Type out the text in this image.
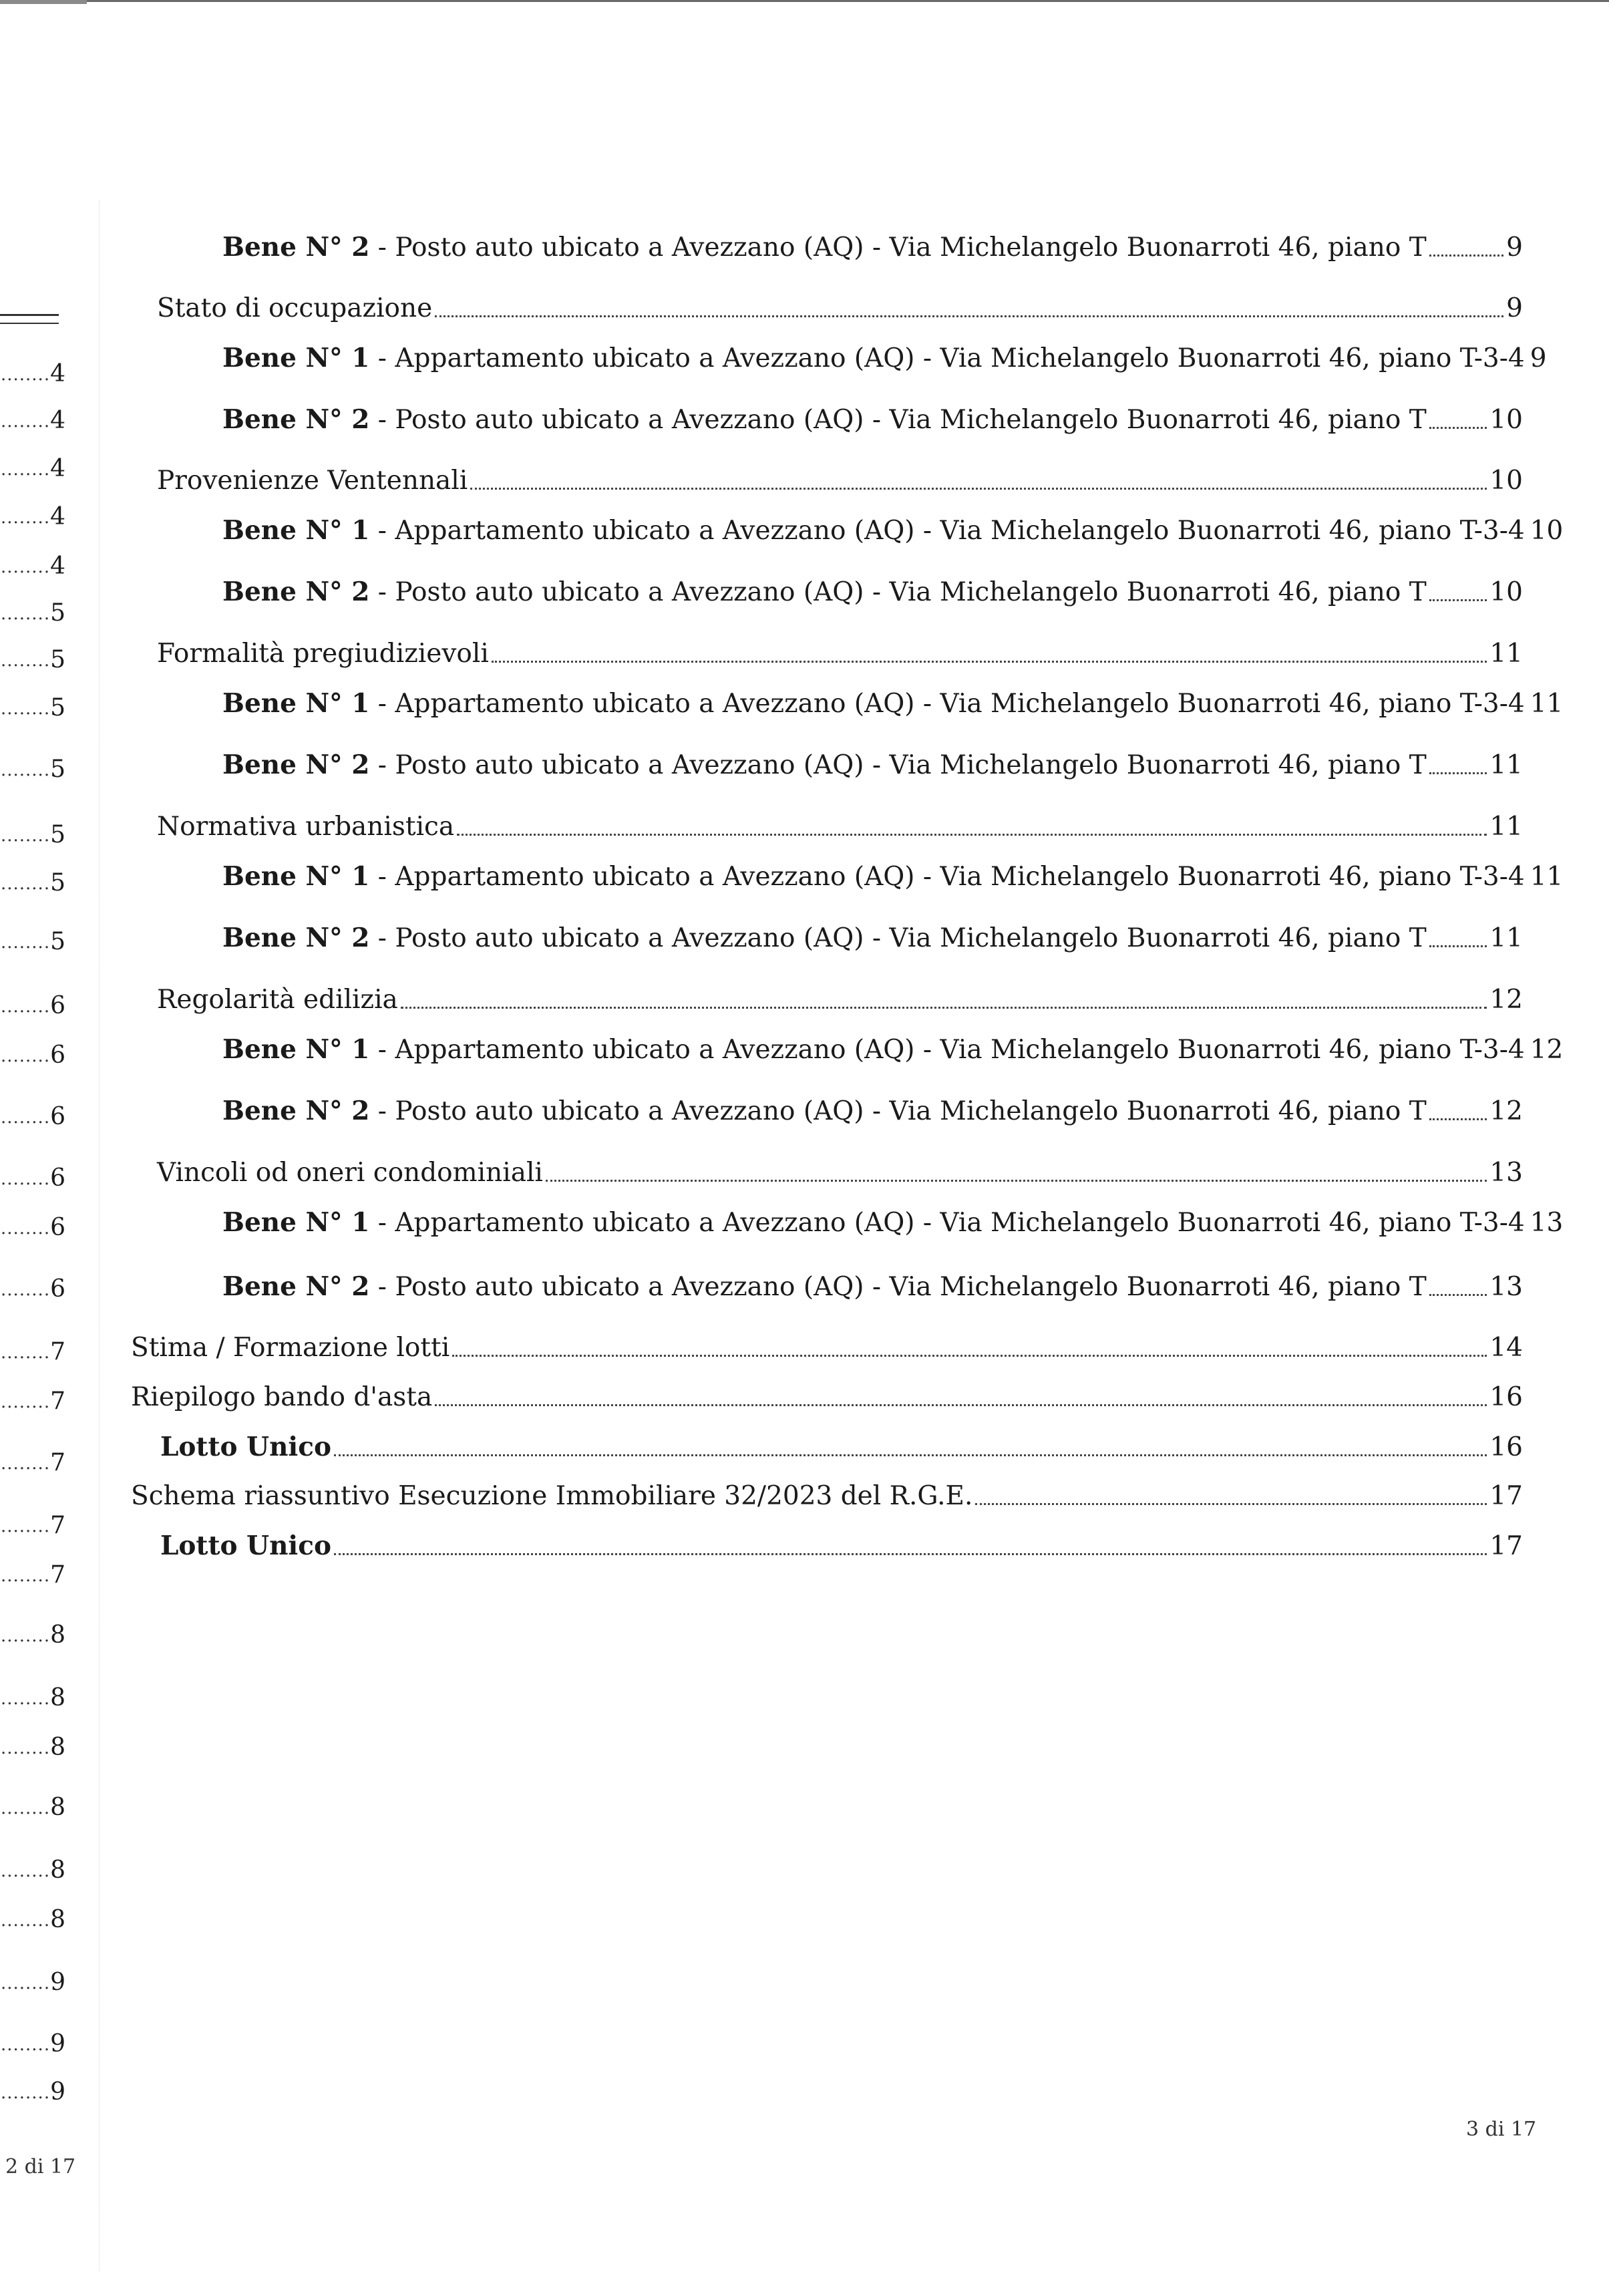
........4
........4
........4
........4
........4
........5
........5
........5
........5
........5
........5
........5
........6
........6
........6
........6
........6
........6
........7
........7
........7
........7
........7
........8
........8
........8
........8
........8
........8
........9
........9
........9
2 di 17
Bene N° 2 - Posto auto ubicato a Avezzano (AQ) - Via Michelangelo Buonarroti 46, piano T	9
Stato di occupazione	9
Bene N° 1 - Appartamento ubicato a Avezzano (AQ) - Via Michelangelo Buonarroti 46, piano T-3-4 9
Bene N° 2 - Posto auto ubicato a Avezzano (AQ) - Via Michelangelo Buonarroti 46, piano T 10
Provenienze Ventennali	10
Bene N° 1 - Appartamento ubicato a Avezzano (AQ) - Via Michelangelo Buonarroti 46, piano T-3-4 10
Bene N° 2 - Posto auto ubicato a Avezzano (AQ) - Via Michelangelo Buonarroti 46, piano T 10
Formalità pregiudizievoli	11
Bene N° 1 - Appartamento ubicato a Avezzano (AQ) - Via Michelangelo Buonarroti 46, piano T-3-4 11
Bene N° 2 - Posto auto ubicato a Avezzano (AQ) - Via Michelangelo Buonarroti 46, piano T 11
Normativa urbanistica	11
Bene N° 1 - Appartamento ubicato a Avezzano (AQ) - Via Michelangelo Buonarroti 46, piano T-3-4 11
Bene N° 2 - Posto auto ubicato a Avezzano (AQ) - Via Michelangelo Buonarroti 46, piano T 11
Regolarità edilizia	12
Bene N° 1 - Appartamento ubicato a Avezzano (AQ) - Via Michelangelo Buonarroti 46, piano T-3-4 12
Bene N° 2 - Posto auto ubicato a Avezzano (AQ) - Via Michelangelo Buonarroti 46, piano T 12
Vincoli od oneri condominiali	13
Bene N° 1 - Appartamento ubicato a Avezzano (AQ) - Via Michelangelo Buonarroti 46, piano T-3-4 13
Bene N° 2 - Posto auto ubicato a Avezzano (AQ) - Via Michelangelo Buonarroti 46, piano T 13
Stima / Formazione lotti	14
Riepilogo bando d'asta	16
Lotto Unico	16
Schema riassuntivo Esecuzione Immobiliare 32/2023 del R.G.E.	17
Lotto Unico	17
3 di 17
